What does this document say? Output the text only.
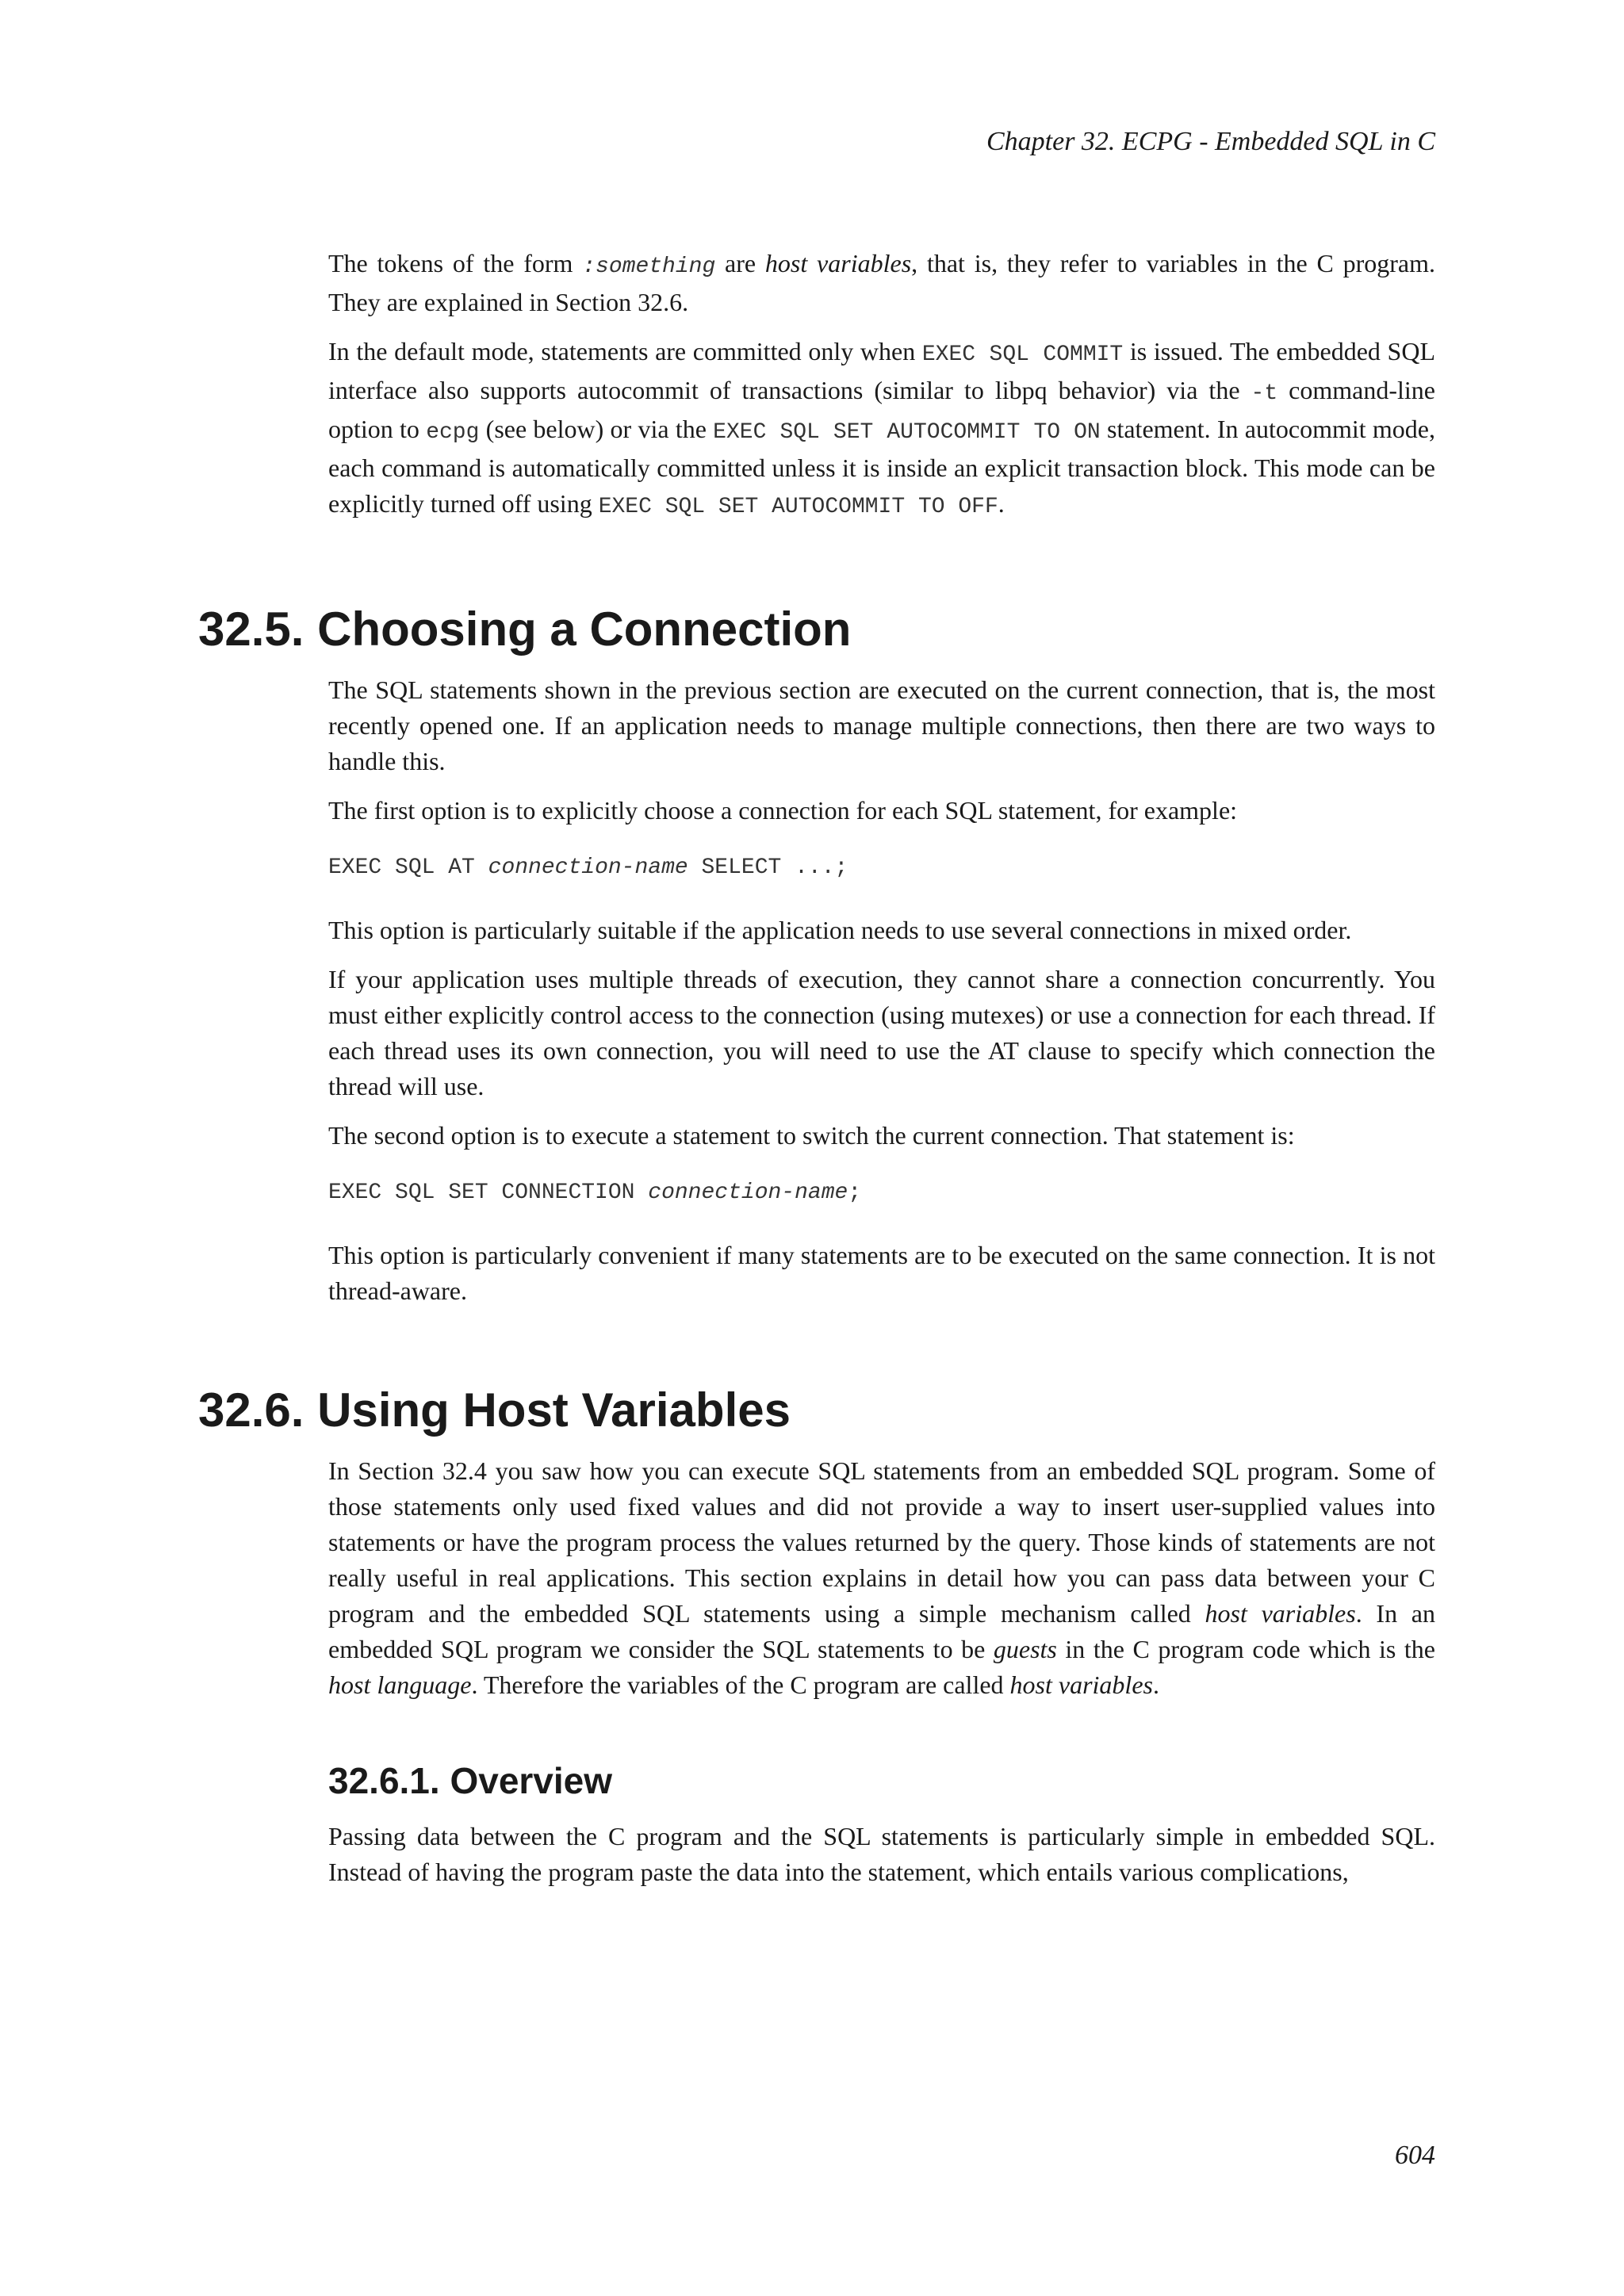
Chapter 32. ECPG - Embedded SQL in C

The tokens of the form :something are host variables, that is, they refer to variables in the C program. They are explained in Section 32.6.

In the default mode, statements are committed only when EXEC SQL COMMIT is issued. The embedded SQL interface also supports autocommit of transactions (similar to libpq behavior) via the -t command-line option to ecpg (see below) or via the EXEC SQL SET AUTOCOMMIT TO ON statement. In autocommit mode, each command is automatically committed unless it is inside an explicit transaction block. This mode can be explicitly turned off using EXEC SQL SET AUTOCOMMIT TO OFF.

32.5. Choosing a Connection

The SQL statements shown in the previous section are executed on the current connection, that is, the most recently opened one. If an application needs to manage multiple connections, then there are two ways to handle this.

The first option is to explicitly choose a connection for each SQL statement, for example:

EXEC SQL AT connection-name SELECT ...;

This option is particularly suitable if the application needs to use several connections in mixed order.

If your application uses multiple threads of execution, they cannot share a connection concurrently. You must either explicitly control access to the connection (using mutexes) or use a connection for each thread. If each thread uses its own connection, you will need to use the AT clause to specify which connection the thread will use.

The second option is to execute a statement to switch the current connection. That statement is:

EXEC SQL SET CONNECTION connection-name;

This option is particularly convenient if many statements are to be executed on the same connection. It is not thread-aware.

32.6. Using Host Variables

In Section 32.4 you saw how you can execute SQL statements from an embedded SQL program. Some of those statements only used fixed values and did not provide a way to insert user-supplied values into statements or have the program process the values returned by the query. Those kinds of statements are not really useful in real applications. This section explains in detail how you can pass data between your C program and the embedded SQL statements using a simple mechanism called host variables. In an embedded SQL program we consider the SQL statements to be guests in the C program code which is the host language. Therefore the variables of the C program are called host variables.

32.6.1. Overview

Passing data between the C program and the SQL statements is particularly simple in embedded SQL. Instead of having the program paste the data into the statement, which entails various complications,

604
